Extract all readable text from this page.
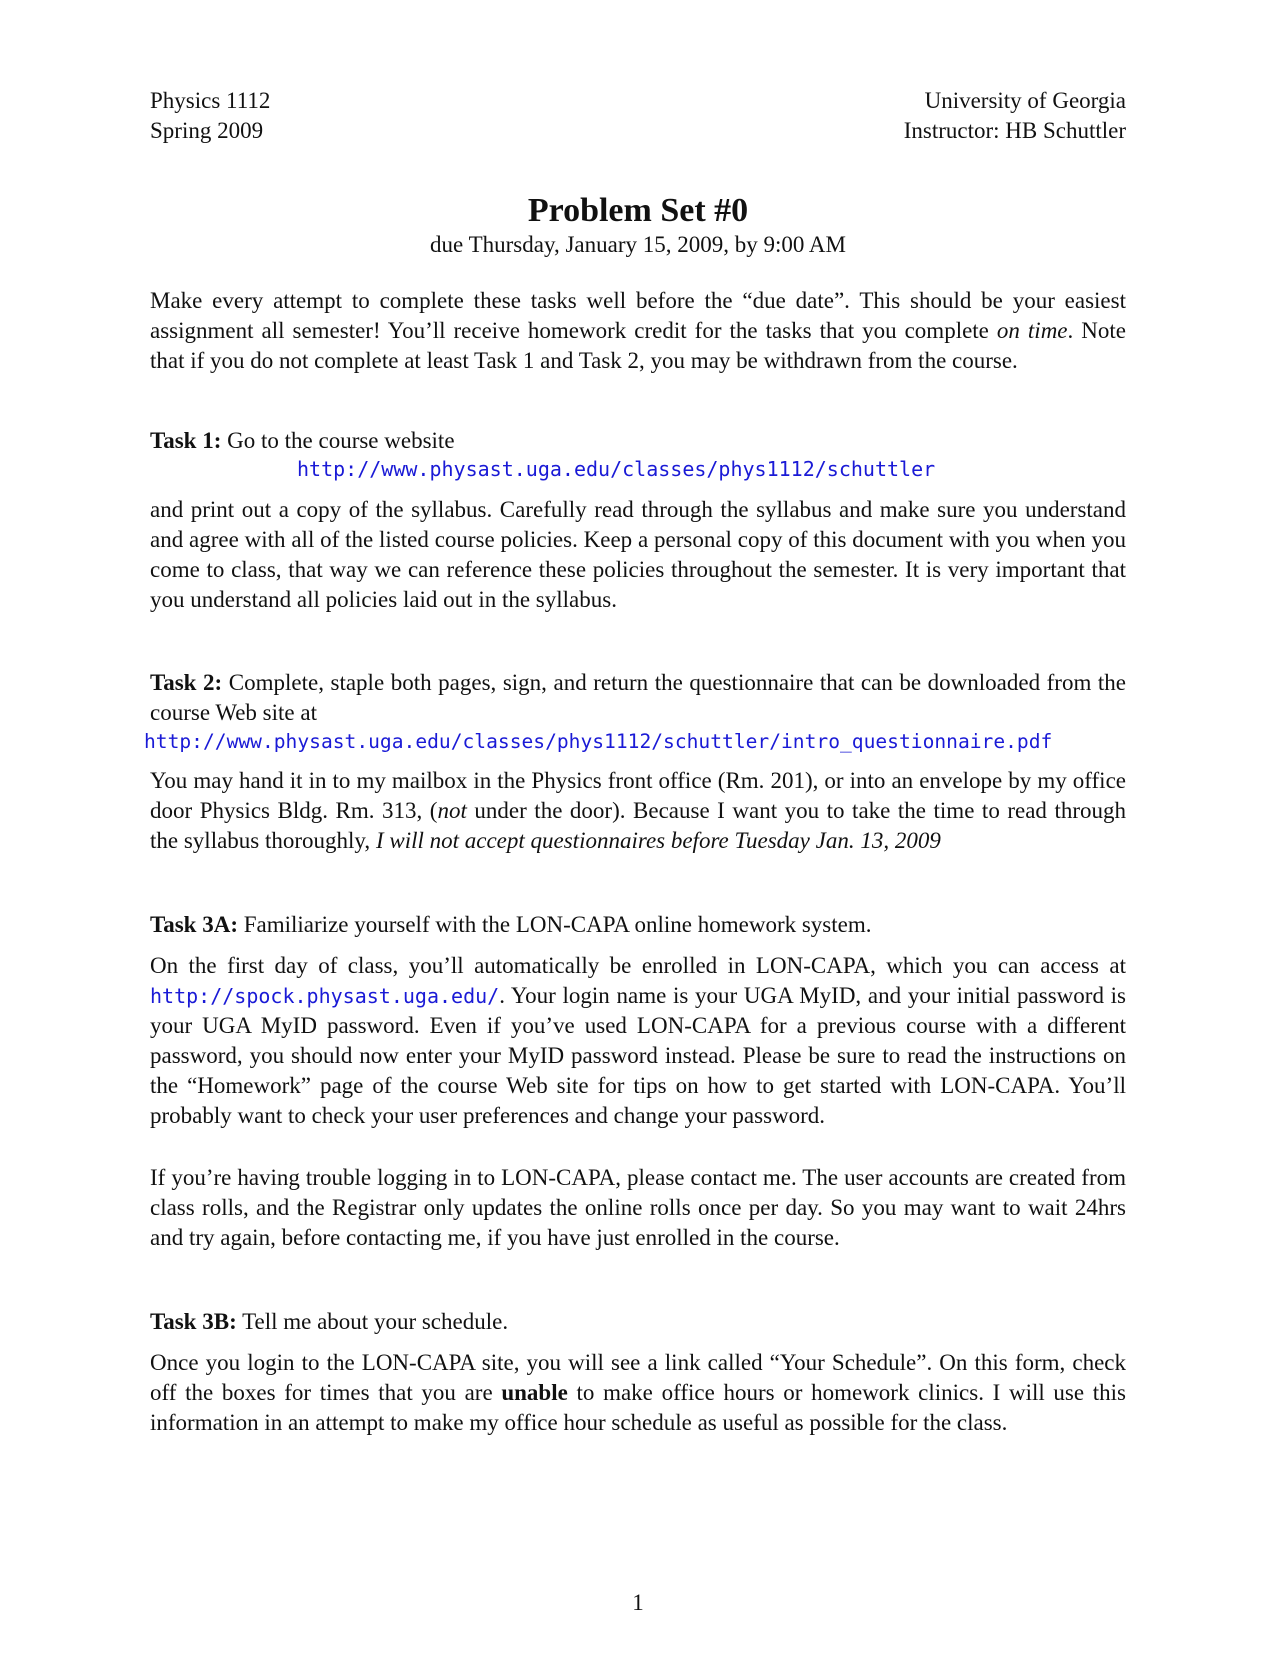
Physics 1112
Spring 2009
University of Georgia
Instructor: HB Schuttler
Problem Set #0
due Thursday, January 15, 2009, by 9:00 AM

Make every attempt to complete these tasks well before the “due date”. This should be your easiest assignment all semester! You’ll receive homework credit for the tasks that you complete on time. Note that if you do not complete at least Task 1 and Task 2, you may be withdrawn from the course.

Task 1: Go to the course website

http://www.physast.uga.edu/classes/phys1112/schuttler

and print out a copy of the syllabus. Carefully read through the syllabus and make sure you understand and agree with all of the listed course policies. Keep a personal copy of this document with you when you come to class, that way we can reference these policies throughout the semester. It is very important that you understand all policies laid out in the syllabus.

Task 2: Complete, staple both pages, sign, and return the questionnaire that can be downloaded from the course Web site at

http://www.physast.uga.edu/classes/phys1112/schuttler/intro_questionnaire.pdf

You may hand it in to my mailbox in the Physics front office (Rm. 201), or into an envelope by my office door Physics Bldg. Rm. 313, (not under the door). Because I want you to take the time to read through the syllabus thoroughly, I will not accept questionnaires before Tuesday Jan. 13, 2009

Task 3A: Familiarize yourself with the LON-CAPA online homework system.

On the first day of class, you’ll automatically be enrolled in LON-CAPA, which you can access at http://spock.physast.uga.edu/. Your login name is your UGA MyID, and your initial password is your UGA MyID password. Even if you’ve used LON-CAPA for a previous course with a different password, you should now enter your MyID password instead. Please be sure to read the instructions on the “Homework” page of the course Web site for tips on how to get started with LON-CAPA. You’ll probably want to check your user preferences and change your password.

If you’re having trouble logging in to LON-CAPA, please contact me. The user accounts are created from class rolls, and the Registrar only updates the online rolls once per day. So you may want to wait 24hrs and try again, before contacting me, if you have just enrolled in the course.

Task 3B: Tell me about your schedule.

Once you login to the LON-CAPA site, you will see a link called “Your Schedule”. On this form, check off the boxes for times that you are unable to make office hours or homework clinics. I will use this information in an attempt to make my office hour schedule as useful as possible for the class.

1
